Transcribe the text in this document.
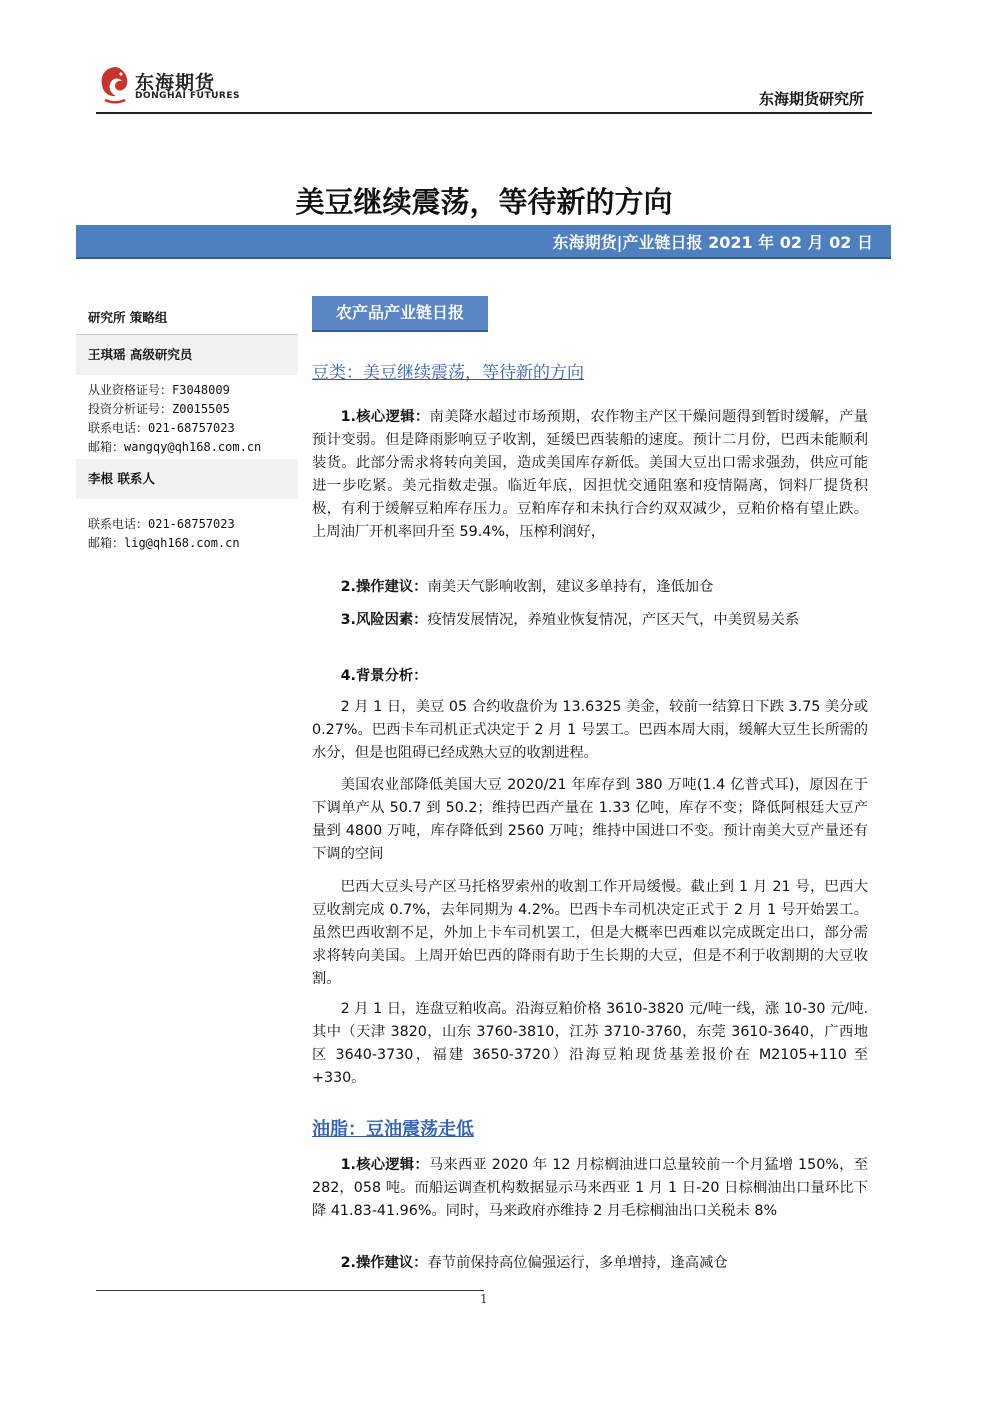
东海期货
DONGHAI FUTURES	东海期货研究所
美豆继续震荡，等待新的方向
东海期货|产业链日报 2021 年 02 月 02 日
研究所 策略组
王琪瑶 高级研究员
从业资格证号：F3048009
投资分析证号：Z0015505
联系电话：021-68757023
邮箱：wangqy@qh168.com.cn
李根 联系人
联系电话：021-68757023
邮箱：lig@qh168.com.cn
农产品产业链日报
豆类：美豆继续震荡，等待新的方向
1.核心逻辑：南美降水超过市场预期，农作物主产区干燥问题得到暂时缓解，产量预计变弱。但是降雨影响豆子收割，延缓巴西装船的速度。预计二月份，巴西未能顺利装货。此部分需求将转向美国，造成美国库存新低。美国大豆出口需求强劲，供应可能进一步吃紧。美元指数走强。临近年底，因担忧交通阻塞和疫情隔离，饲料厂提货积极，有利于缓解豆粕库存压力。豆粕库存和未执行合约双双减少，豆粕价格有望止跌。上周油厂开机率回升至 59.4%，压榨利润好，
2.操作建议：南美天气影响收割，建议多单持有，逢低加仓
3.风险因素：疫情发展情况，养殖业恢复情况，产区天气，中美贸易关系
4.背景分析：
2 月 1 日，美豆 05 合约收盘价为 13.6325 美金，较前一结算日下跌 3.75 美分或 0.27%。巴西卡车司机正式决定于 2 月 1 号罢工。巴西本周大雨，缓解大豆生长所需的水分，但是也阻碍已经成熟大豆的收割进程。
美国农业部降低美国大豆 2020/21 年库存到 380 万吨(1.4 亿普式耳)，原因在于下调单产从 50.7 到 50.2；维持巴西产量在 1.33 亿吨，库存不变；降低阿根廷大豆产量到 4800 万吨，库存降低到 2560 万吨；维持中国进口不变。预计南美大豆产量还有下调的空间
巴西大豆头号产区马托格罗索州的收割工作开局缓慢。截止到 1 月 21 号，巴西大豆收割完成 0.7%，去年同期为 4.2%。巴西卡车司机决定正式于 2 月 1 号开始罢工。虽然巴西收割不足，外加上卡车司机罢工，但是大概率巴西难以完成既定出口，部分需求将转向美国。上周开始巴西的降雨有助于生长期的大豆，但是不利于收割期的大豆收割。
2 月 1 日，连盘豆粕收高。沿海豆粕价格 3610-3820 元/吨一线，涨 10-30 元/吨.其中（天津 3820，山东 3760-3810，江苏 3710-3760，东莞 3610-3640，广西地区 3640-3730，福建 3650-3720）沿海豆粕现货基差报价在 M2105+110 至+330。
油脂：豆油震荡走低
1.核心逻辑：马来西亚 2020 年 12 月棕榈油进口总量较前一个月猛增 150%，至 282，058 吨。而船运调查机构数据显示马来西亚 1 月 1 日-20 日棕榈油出口量环比下降 41.83-41.96%。同时，马来政府亦维持 2 月毛棕榈油出口关税未 8%
2.操作建议：春节前保持高位偏强运行，多单增持，逢高减仓
1
